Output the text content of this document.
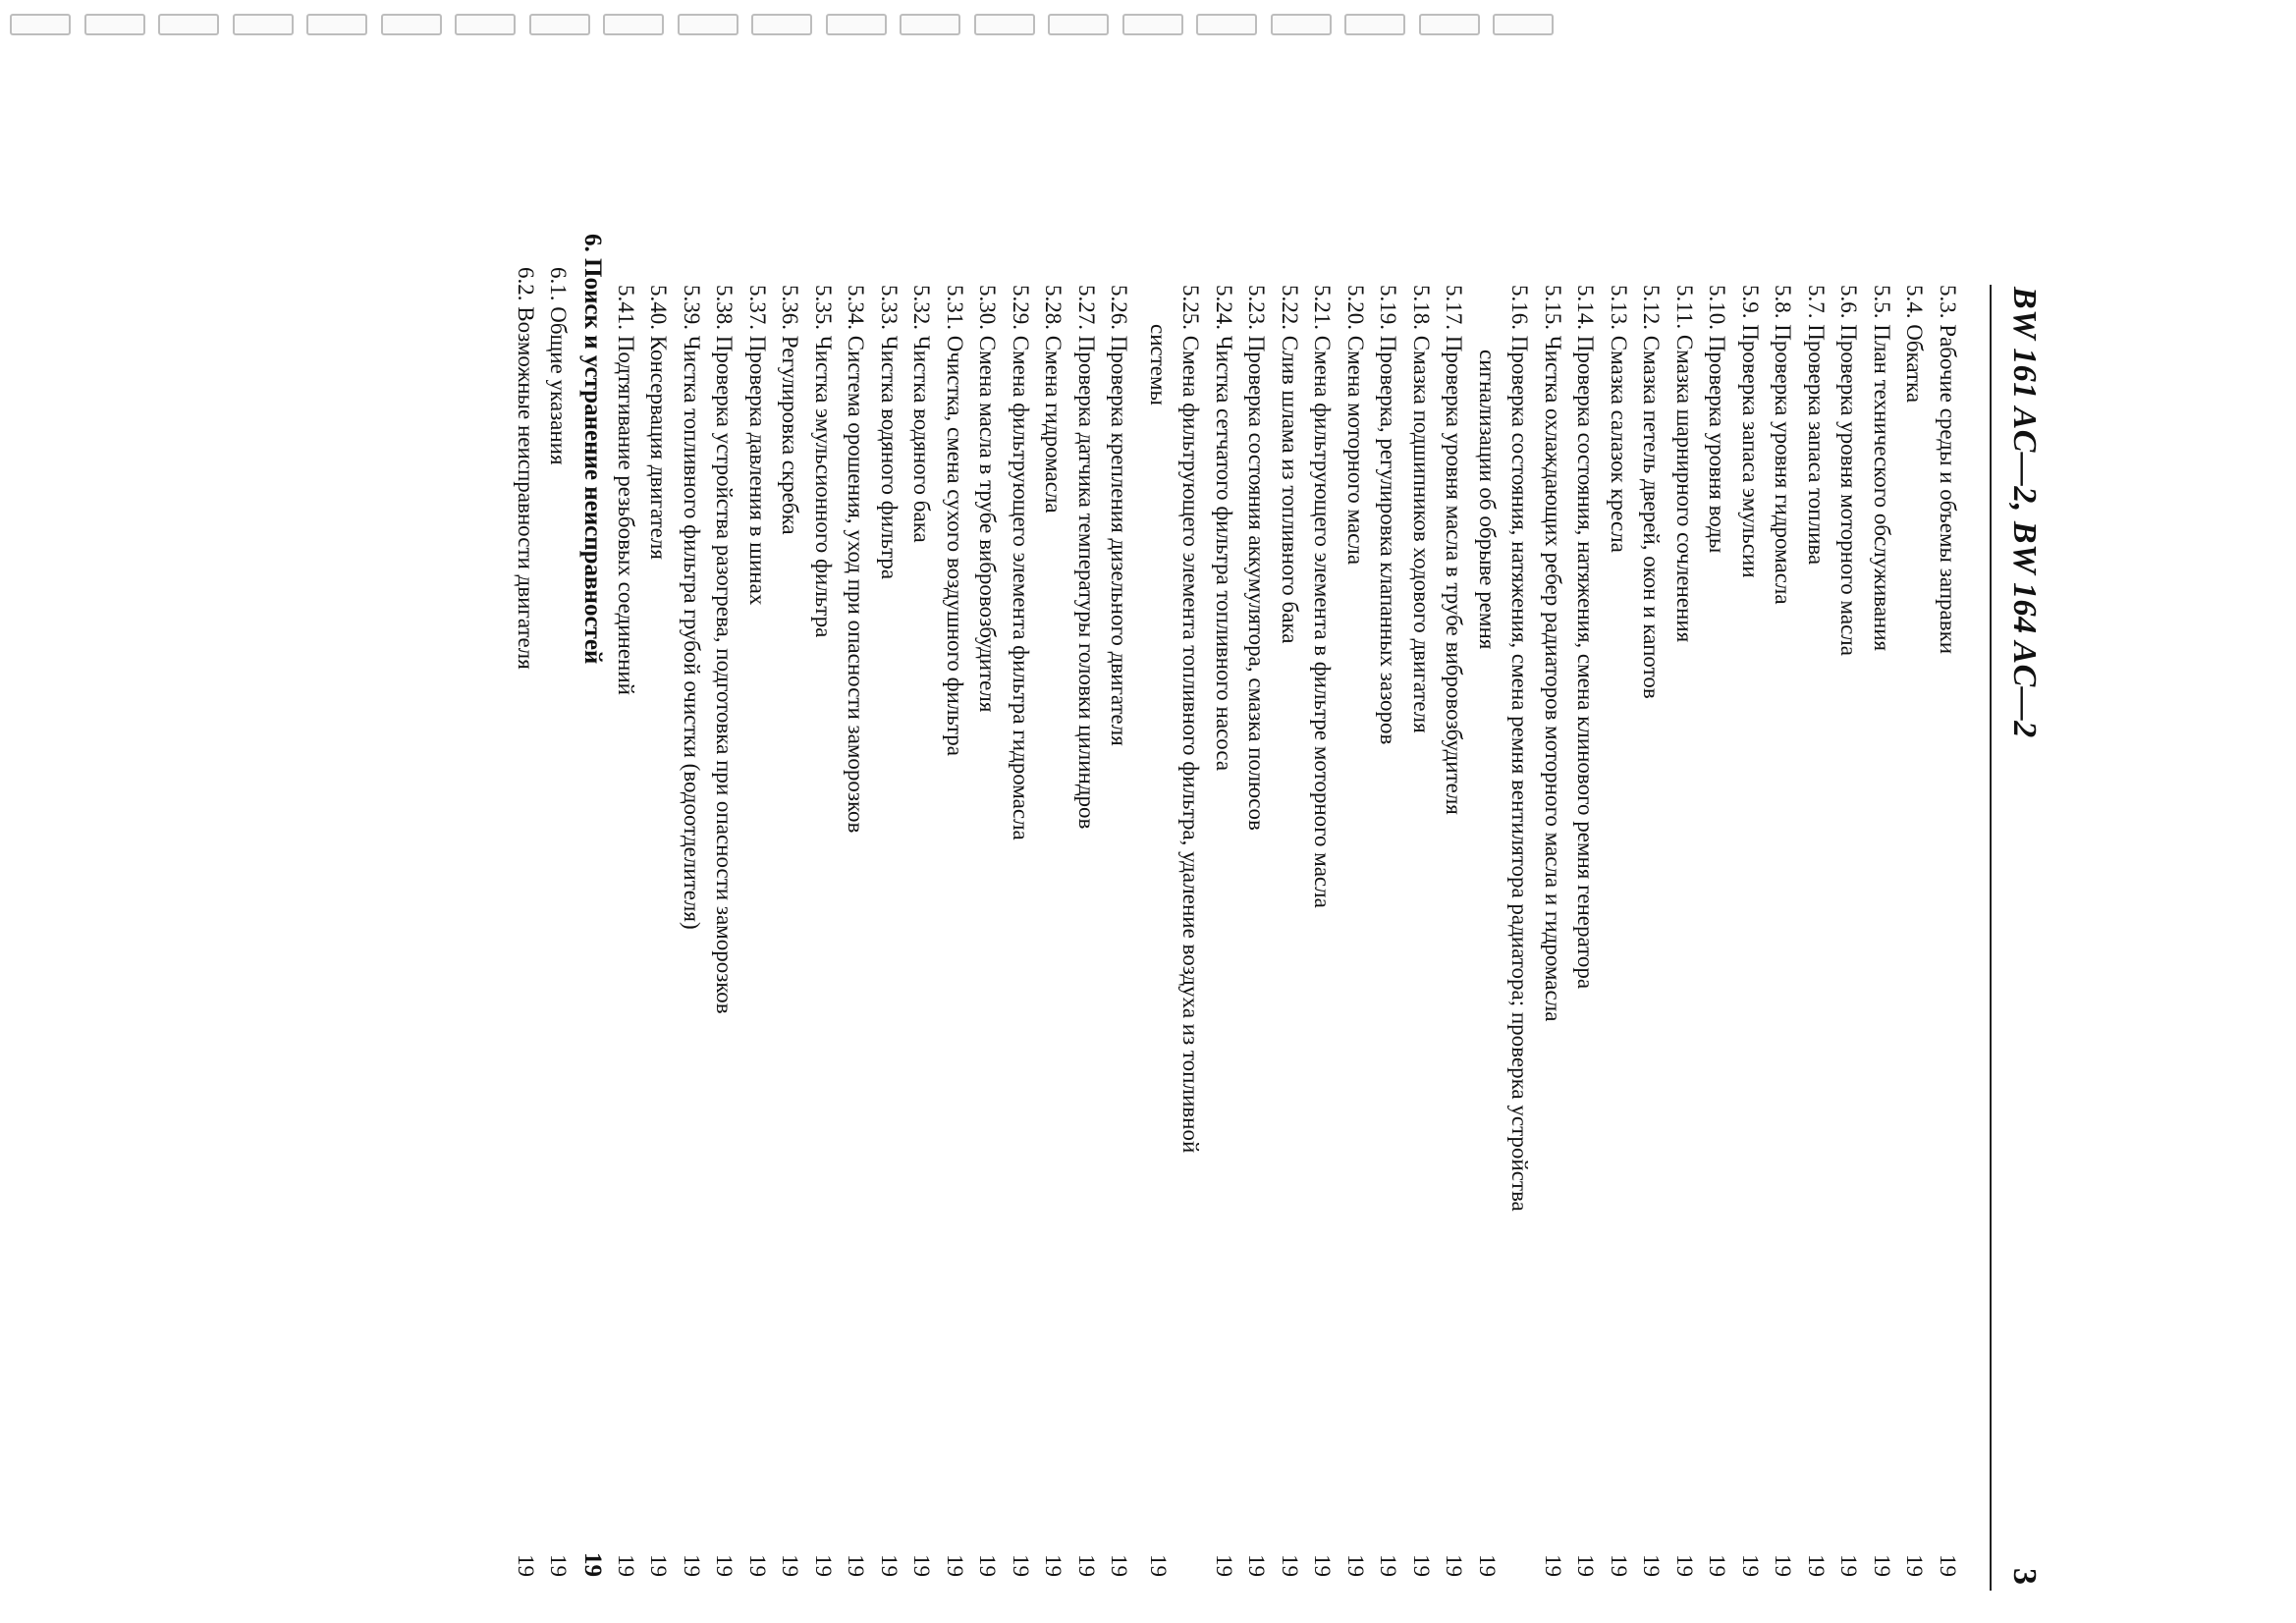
BW 161 AC—2, BW 164 AC—2
3
5.3. Рабочие среды и объемы заправки
19
5.4. Обкатка
19
5.5. План технического обслуживания
19
5.6. Проверка уровня моторного масла
19
5.7. Проверка запаса топлива
19
5.8. Проверка уровня гидромасла
19
5.9. Проверка запаса эмульсии
19
5.10. Проверка уровня воды
19
5.11. Смазка шарнирного сочленения
19
5.12. Смазка петель дверей, окон и капотов
19
5.13. Смазка салазок кресла
19
5.14. Проверка состояния, натяжения, смена клинового ремня генератора
19
5.15. Чистка охлаждающих ребер радиаторов моторного масла и гидромасла
19
5.16. Проверка состояния, натяжения, смена ремня вентилятора радиатора; проверка устройства
сигнализации об обрыве ремня
19
5.17. Проверка уровня масла в трубе вибровозбудителя
19
5.18. Смазка подшипников ходового двигателя
19
5.19. Проверка, регулировка клапанных зазоров
19
5.20. Смена моторного масла
19
5.21. Смена фильтрующего элемента в фильтре моторного масла
19
5.22. Слив шлама из топливного бака
19
5.23. Проверка состояния аккумулятора, смазка полюсов
19
5.24. Чистка сетчатого фильтра топливного насоса
19
5.25. Смена фильтрующего элемента топливного фильтра, удаление воздуха из топливной
системы
19
5.26. Проверка крепления дизельного двигателя
19
5.27. Проверка датчика температуры головки цилиндров
19
5.28. Смена гидромасла
19
5.29. Смена фильтрующего элемента фильтра гидромасла
19
5.30. Смена масла в трубе вибровозбудителя
19
5.31. Очистка, смена сухого воздушного фильтра
19
5.32. Чистка водяного бака
19
5.33. Чистка водяного фильтра
19
5.34. Система орошения, уход при опасности заморозков
19
5.35. Чистка эмульсионного фильтра
19
5.36. Регулировка скребка
19
5.37. Проверка давления в шинах
19
5.38. Проверка устройства разогрева, подготовка при опасности заморозков
19
5.39. Чистка топливного фильтра грубой очистки (водоотделителя)
19
5.40. Консервация двигателя
19
5.41. Подтягивание резьбовых соединений
19
6. Поиск и устранение неисправностей
19
6.1. Общие указания
19
6.2. Возможные неисправности двигателя
19
